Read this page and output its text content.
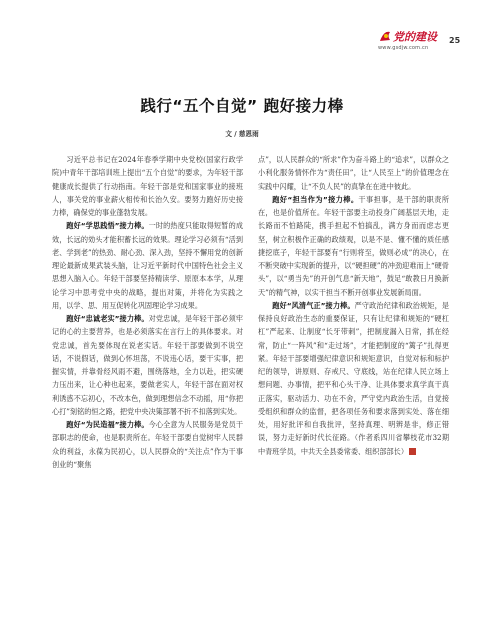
党的建设
www.gsdjw.com.cn
25
践行“五个自觉” 跑好接力棒
文 / 慈恩雨

习近平总书记在2024年春季学期中央党校(国家行政学院)中青年干部培训班上提出“五个自觉”的要求，为年轻干部健康成长提供了行动指南。年轻干部是党和国家事业的接班人，事关党的事业薪火相传和长治久安。要努力跑好历史接力棒，确保党的事业蓬勃发展。

跑好“学思践悟”接力棒。一时的热度只能取得短暂的成效，长远的効头才能积蓄长远的效果。理论学习必须有“活到老、学到老”的热劲、耐心劲、深入劲，坚持不懈用党的创新理论最新成果武装头脑，让习近平新时代中国特色社会主义思想入脑入心。年轻干部要坚持精读学、原原本本学，从理论学习中思考党中央的战略，提出对策，并将化为实践之用，以学、思、用互促转化巩固理论学习成果。

跑好“忠诚老实”接力棒。对党忠诚，是年轻干部必须牢记的心的主要营养，也是必须落实在言行上的具体要求。对党忠诚，首先要体现在说老实话。年轻干部要做到不说空话，不说假话，做到心怀坦荡，不说违心话，要干实事，把握实情，并靠骨经风雨不避，围绕落地，全力以赴，把实硬力压出来，让心种也起来，要做老实人，年轻干部在面对权利诱惑不忘初心，不改本色，做到理想信念不动摇，用“你把心打”刻铭的恒之路，把党中央决策部署不折不扣落到实处。

跑好“为民造福”接力棒。今心全意为人民服务是党员干部职志的使命，也是职责所在。年轻干部要自觉树牢人民群众的利益，永葆为民初心，以人民群众的“关注点”作为干事创业的“聚焦

点”，以人民群众的“所求”作为奋斗路上的“追求”，以群众之小利化服务情怀作为“责任田”，让“人民至上”的价值理念在实践中闪耀，让“不负人民”的真挚在在进中彼此。

跑好“担当作为”接力棒。干事担事，是干部的职责所在，也是价值所在。年轻干部要主动投身广阔基层天地，走长路而不怕路陡，携手担起不怕搞乱，满方身而而虑志更坚，树立积极作正确的政绩观，以是不是、懂不懂的质任感捷挖底子，年轻干部要有“行则将至，做则必成”的决心，在不断突破中实现新的提升，以“硬担硬”的冲劲迎难而上“硬骨头”，以“勇当先”的开创气息“新天地”，鼓足“敢教日月换新天”的精气神，以实干担当不断开创事业发展新局面。

跑好“风清气正”接力棒。严守政治纪律和政治规矩，是保持良好政治生态的重要保证，只有让纪律和规矩的“硬杠杠”严起来、让制度“长牙带刺”，把制度漏入日常，抓在经常，防止“一阵风”和“走过场”，才能把制度的“篱子”扎得更紧。年轻干部要增强纪律意识和规矩意识，自觉对标和标护纪的领导，讲原则、存戒尺、守底线，站在纪律人民立场上想问题、办事情，把平和心头干净、让具体要求真学真干真正落实，驱动活力、功在不舍，严守党内政治生活，自觉接受组织和群众的监督，把各项任务和要求落到实处、落在细处，用好批评和自我批评，坚持真理、明辨是非，修正错误，努力走好新时代长征路。（作者系四川省攀枝花市32期中青班学员，中共天全县委常委、组织部部长）
